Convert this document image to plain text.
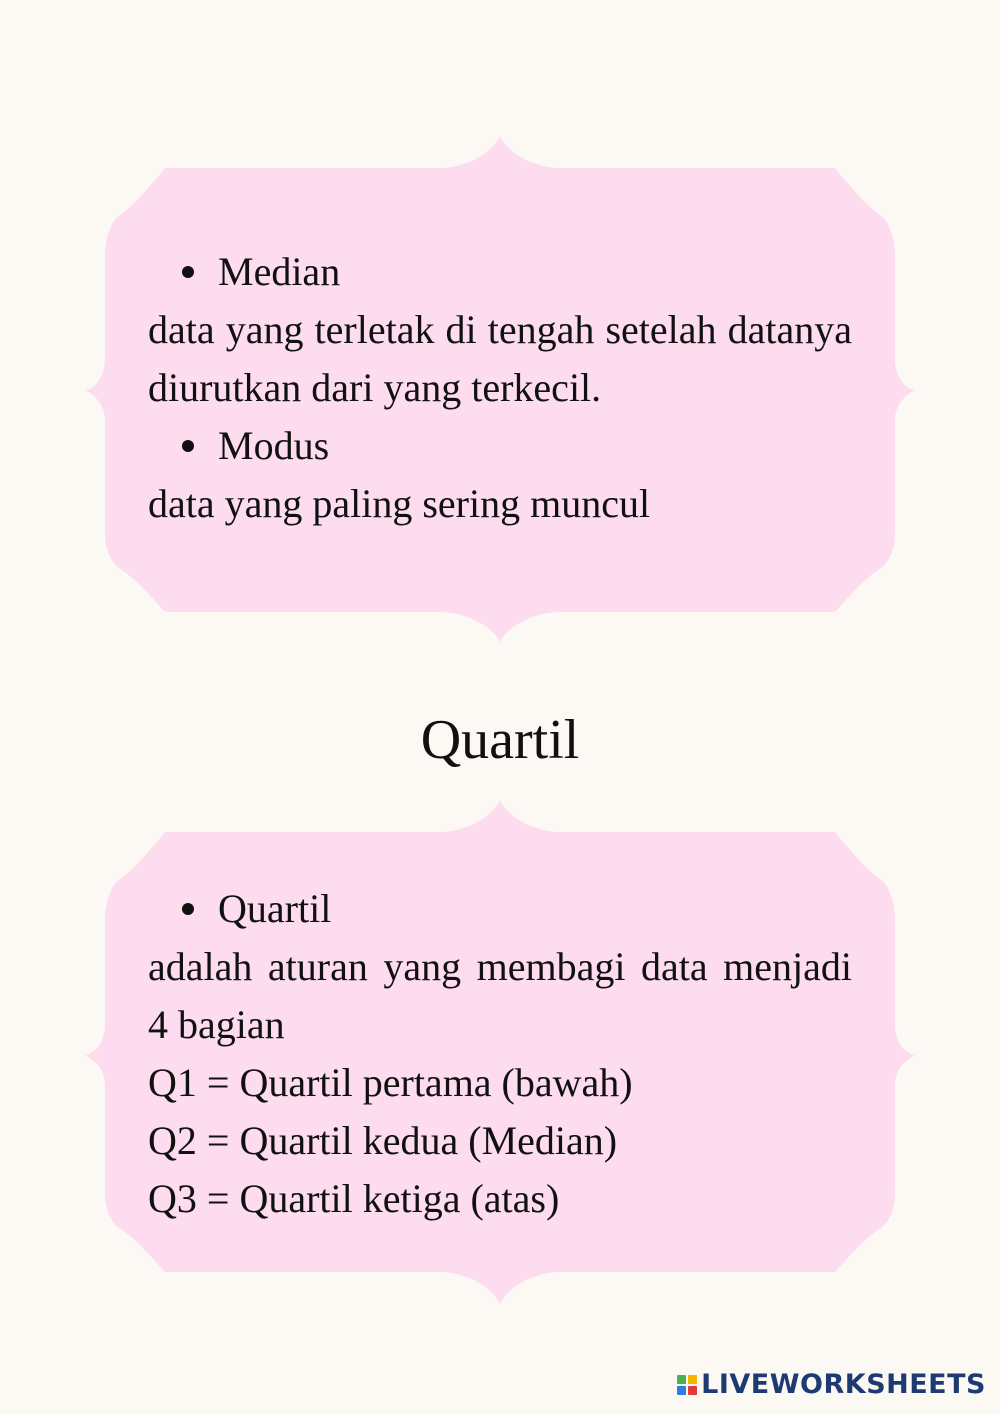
Median
data yang terletak di tengah setelah datanya diurutkan dari yang terkecil.
Modus
data yang paling sering muncul
Quartil
Quartil
adalah aturan yang membagi data menjadi 4 bagian
Q1 = Quartil pertama (bawah)
Q2 = Quartil kedua (Median)
Q3 = Quartil ketiga (atas)
LIVEWORKSHEETS
